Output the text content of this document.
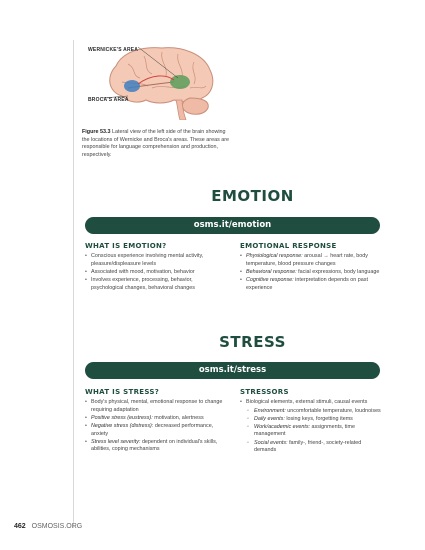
WERNICKE'S AREA
BROCA'S AREA
Figure 53.3 Lateral view of the left side of the brain showing the locations of Wernicke and Broca's areas. These areas are responsible for language comprehension and production, respectively.
EMOTION
osms.it/emotion
WHAT IS EMOTION?
• Conscious experience involving mental activity, pleasure/displeasure levels
• Associated with mood, motivation, behavior
• Involves experience, processing, behavior, psychological changes, behavioral changes
EMOTIONAL RESPONSE
• Physiological response: arousal → heart rate, body temperature, blood pressure changes
• Behavioral response: facial expressions, body language
• Cognitive response: interpretation depends on past experience
STRESS
osms.it/stress
WHAT IS STRESS?
• Body's physical, mental, emotional response to change requiring adaptation
• Positive stress (eustress): motivation, alertness
• Negative stress (distress): decreased performance, anxiety
• Stress level severity: dependent on individual's skills, abilities, coping mechanisms
STRESSORS
• Biological elements, external stimuli, causal events
◦ Environment: uncomfortable temperature, loudnoises
◦ Daily events: losing keys, forgetting items
◦ Work/academic events: assignments, time management
◦ Social events: family-, friend-, society-related demands
462 OSMOSIS.ORG
